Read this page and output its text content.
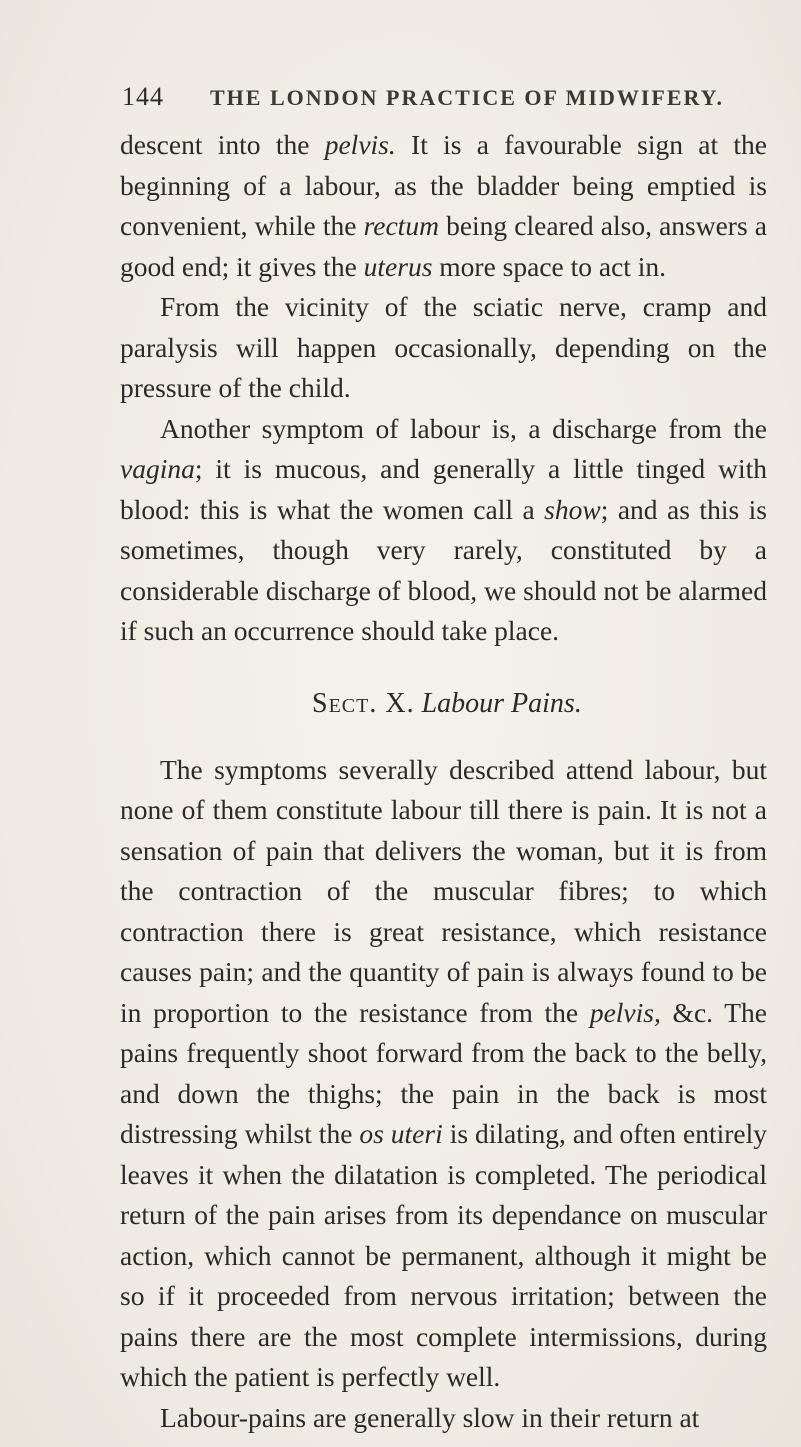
144	THE LONDON PRACTICE OF MIDWIFERY.

descent into the pelvis. It is a favourable sign at the beginning of a labour, as the bladder being emptied is convenient, while the rectum being cleared also, answers a good end; it gives the uterus more space to act in.

From the vicinity of the sciatic nerve, cramp and paralysis will happen occasionally, depending on the pressure of the child.

Another symptom of labour is, a discharge from the vagina; it is mucous, and generally a little tinged with blood: this is what the women call a show; and as this is sometimes, though very rarely, constituted by a considerable discharge of blood, we should not be alarmed if such an occurrence should take place.

Sect. X. Labour Pains.

The symptoms severally described attend labour, but none of them constitute labour till there is pain. It is not a sensation of pain that delivers the woman, but it is from the contraction of the muscular fibres; to which contraction there is great resistance, which resistance causes pain; and the quantity of pain is always found to be in proportion to the resistance from the pelvis, &c. The pains frequently shoot forward from the back to the belly, and down the thighs; the pain in the back is most distressing whilst the os uteri is dilating, and often entirely leaves it when the dilatation is completed. The periodical return of the pain arises from its dependance on muscular action, which cannot be permanent, although it might be so if it proceeded from nervous irritation; between the pains there are the most complete intermissions, during which the patient is perfectly well.

Labour-pains are generally slow in their return at
